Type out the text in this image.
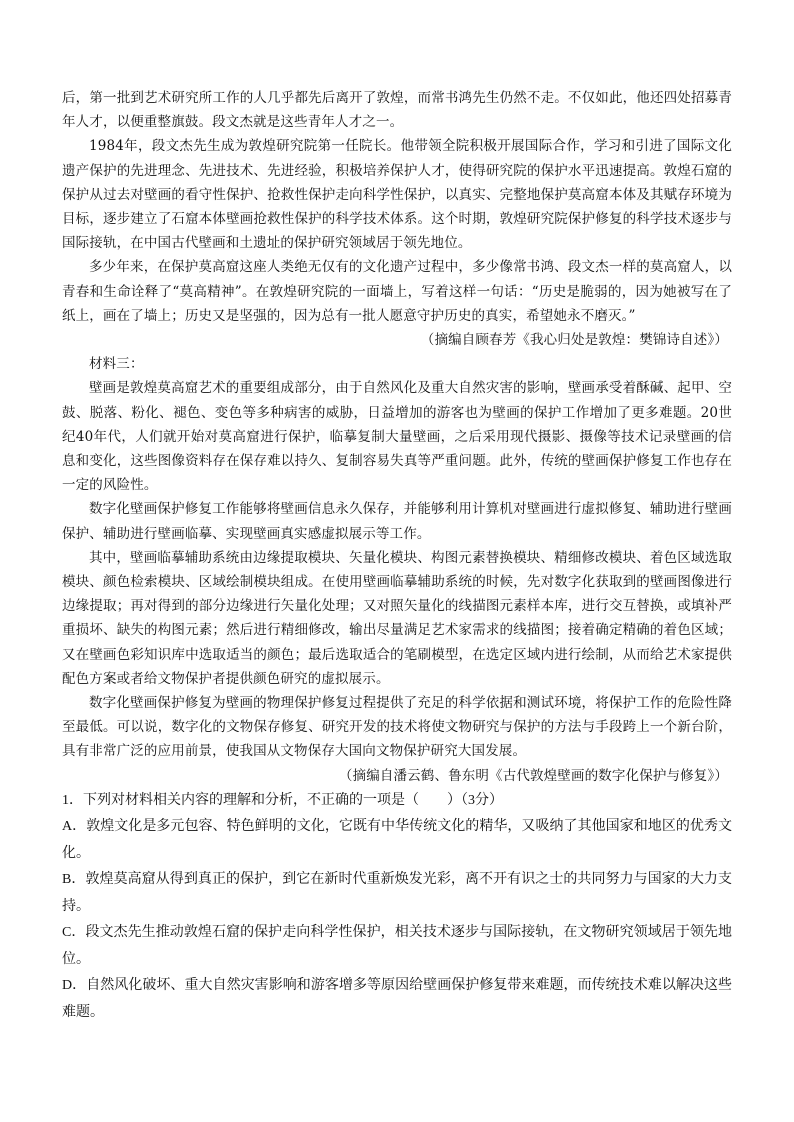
后，第一批到艺术研究所工作的人几乎都先后离开了敦煌，而常书鸿先生仍然不走。不仅如此，他还四处招募青年人才，以便重整旗鼓。段文杰就是这些青年人才之一。

1984年，段文杰先生成为敦煌研究院第一任院长。他带领全院积极开展国际合作，学习和引进了国际文化遗产保护的先进理念、先进技术、先进经验，积极培养保护人才，使得研究院的保护水平迅速提高。敦煌石窟的保护从过去对壁画的看守性保护、抢救性保护走向科学性保护，以真实、完整地保护莫高窟本体及其赋存环境为目标，逐步建立了石窟本体壁画抢救性保护的科学技术体系。这个时期，敦煌研究院保护修复的科学技术逐步与国际接轨，在中国古代壁画和土遗址的保护研究领域居于领先地位。

多少年来，在保护莫高窟这座人类绝无仅有的文化遗产过程中，多少像常书鸿、段文杰一样的莫高窟人，以青春和生命诠释了“莫高精神”。在敦煌研究院的一面墙上，写着这样一句话：“历史是脆弱的，因为她被写在了纸上，画在了墙上；历史又是坚强的，因为总有一批人愿意守护历史的真实，希望她永不磨灭。”

（摘编自顾春芳《我心归处是敦煌：樊锦诗自述》）

材料三：

壁画是敦煌莫高窟艺术的重要组成部分，由于自然风化及重大自然灾害的影响，壁画承受着酥碱、起甲、空鼓、脱落、粉化、褪色、变色等多种病害的威胁，日益增加的游客也为壁画的保护工作增加了更多难题。20世纪40年代，人们就开始对莫高窟进行保护，临摹复制大量壁画，之后采用现代摄影、摄像等技术记录壁画的信息和变化，这些图像资料存在保存难以持久、复制容易失真等严重问题。此外，传统的壁画保护修复工作也存在一定的风险性。

数字化壁画保护修复工作能够将壁画信息永久保存，并能够利用计算机对壁画进行虚拟修复、辅助进行壁画保护、辅助进行壁画临摹、实现壁画真实感虚拟展示等工作。

其中，壁画临摹辅助系统由边缘提取模块、矢量化模块、构图元素替换模块、精细修改模块、着色区域选取模块、颜色检索模块、区域绘制模块组成。在使用壁画临摹辅助系统的时候，先对数字化获取到的壁画图像进行边缘提取；再对得到的部分边缘进行矢量化处理；又对照矢量化的线描图元素样本库，进行交互替换，或填补严重损坏、缺失的构图元素；然后进行精细修改，输出尽量满足艺术家需求的线描图；接着确定精确的着色区域；又在壁画色彩知识库中选取适当的颜色；最后选取适合的笔刷模型，在选定区域内进行绘制，从而给艺术家提供配色方案或者给文物保护者提供颜色研究的虚拟展示。

数字化壁画保护修复为壁画的物理保护修复过程提供了充足的科学依据和测试环境，将保护工作的危险性降至最低。可以说，数字化的文物保存修复、研究开发的技术将使文物研究与保护的方法与手段跨上一个新台阶，具有非常广泛的应用前景，使我国从文物保存大国向文物保护研究大国发展。

（摘编自潘云鹤、鲁东明《古代敦煌壁画的数字化保护与修复》）

1．下列对材料相关内容的理解和分析，不正确的一项是（　　）（3分）

A．敦煌文化是多元包容、特色鲜明的文化，它既有中华传统文化的精华，又吸纳了其他国家和地区的优秀文化。

B．敦煌莫高窟从得到真正的保护，到它在新时代重新焕发光彩，离不开有识之士的共同努力与国家的大力支持。

C．段文杰先生推动敦煌石窟的保护走向科学性保护，相关技术逐步与国际接轨，在文物研究领域居于领先地位。

D．自然风化破坏、重大自然灾害影响和游客增多等原因给壁画保护修复带来难题，而传统技术难以解决这些难题。
